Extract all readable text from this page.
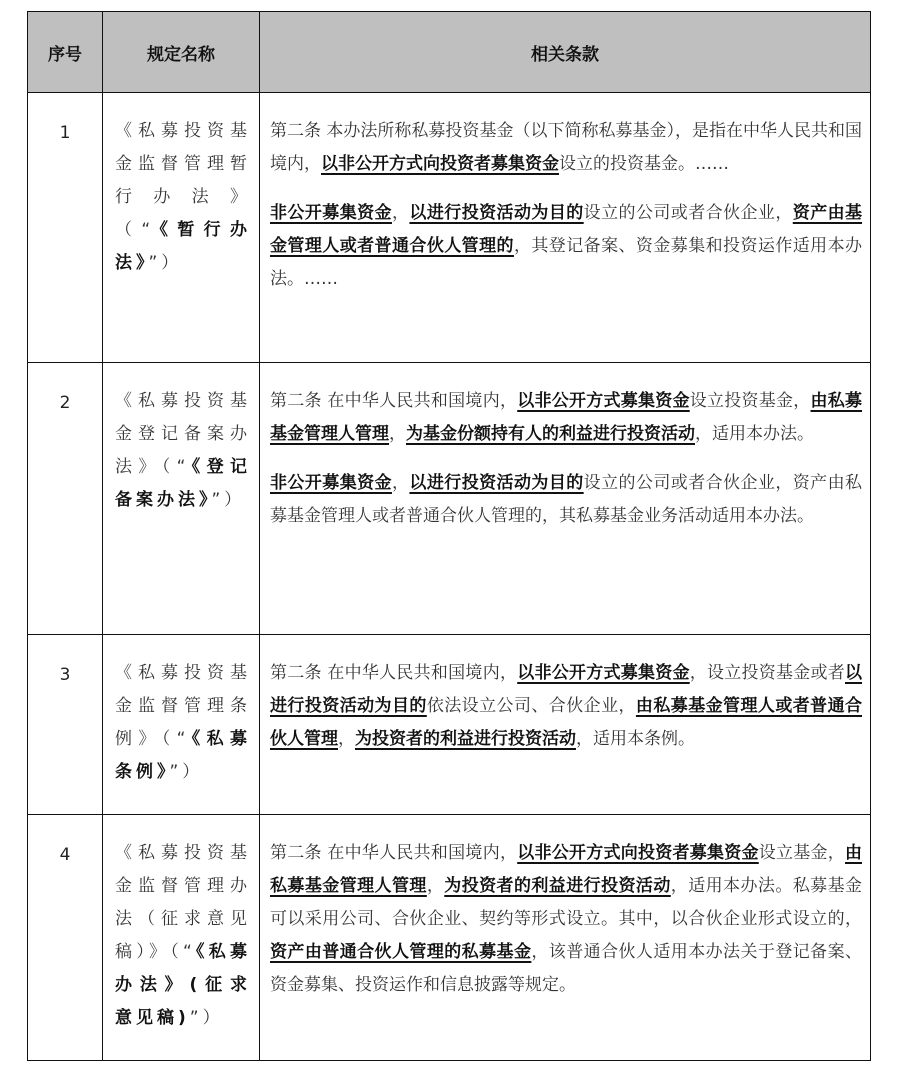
序号	规定名称	相关条款
1	《私募投资基金监督管理暂行办法》（“《暂行办法》”）	第二条 本办法所称私募投资基金（以下简称私募基金），是指在中华人民共和国境内，以非公开方式向投资者募集资金设立的投资基金。……

非公开募集资金，以进行投资活动为目的设立的公司或者合伙企业，资产由基金管理人或者普通合伙人管理的，其登记备案、资金募集和投资运作适用本办法。……

2	《私募投资基金登记备案办法》（“《登记备案办法》”）	第二条 在中华人民共和国境内，以非公开方式募集资金设立投资基金，由私募基金管理人管理，为基金份额持有人的利益进行投资活动，适用本办法。

非公开募集资金，以进行投资活动为目的设立的公司或者合伙企业，资产由私募基金管理人或者普通合伙人管理的，其私募基金业务活动适用本办法。

3	《私募投资基金监督管理条例》（“《私募条例》”）	第二条 在中华人民共和国境内，以非公开方式募集资金，设立投资基金或者以进行投资活动为目的依法设立公司、合伙企业，由私募基金管理人或者普通合伙人管理，为投资者的利益进行投资活动，适用本条例。

4	《私募投资基金监督管理办法（征求意见稿）》（“《私募办法》(征求意见稿)”）	第二条 在中华人民共和国境内，以非公开方式向投资者募集资金设立基金，由私募基金管理人管理，为投资者的利益进行投资活动，适用本办法。私募基金可以采用公司、合伙企业、契约等形式设立。其中，以合伙企业形式设立的，资产由普通合伙人管理的私募基金，该普通合伙人适用本办法关于登记备案、资金募集、投资运作和信息披露等规定。
